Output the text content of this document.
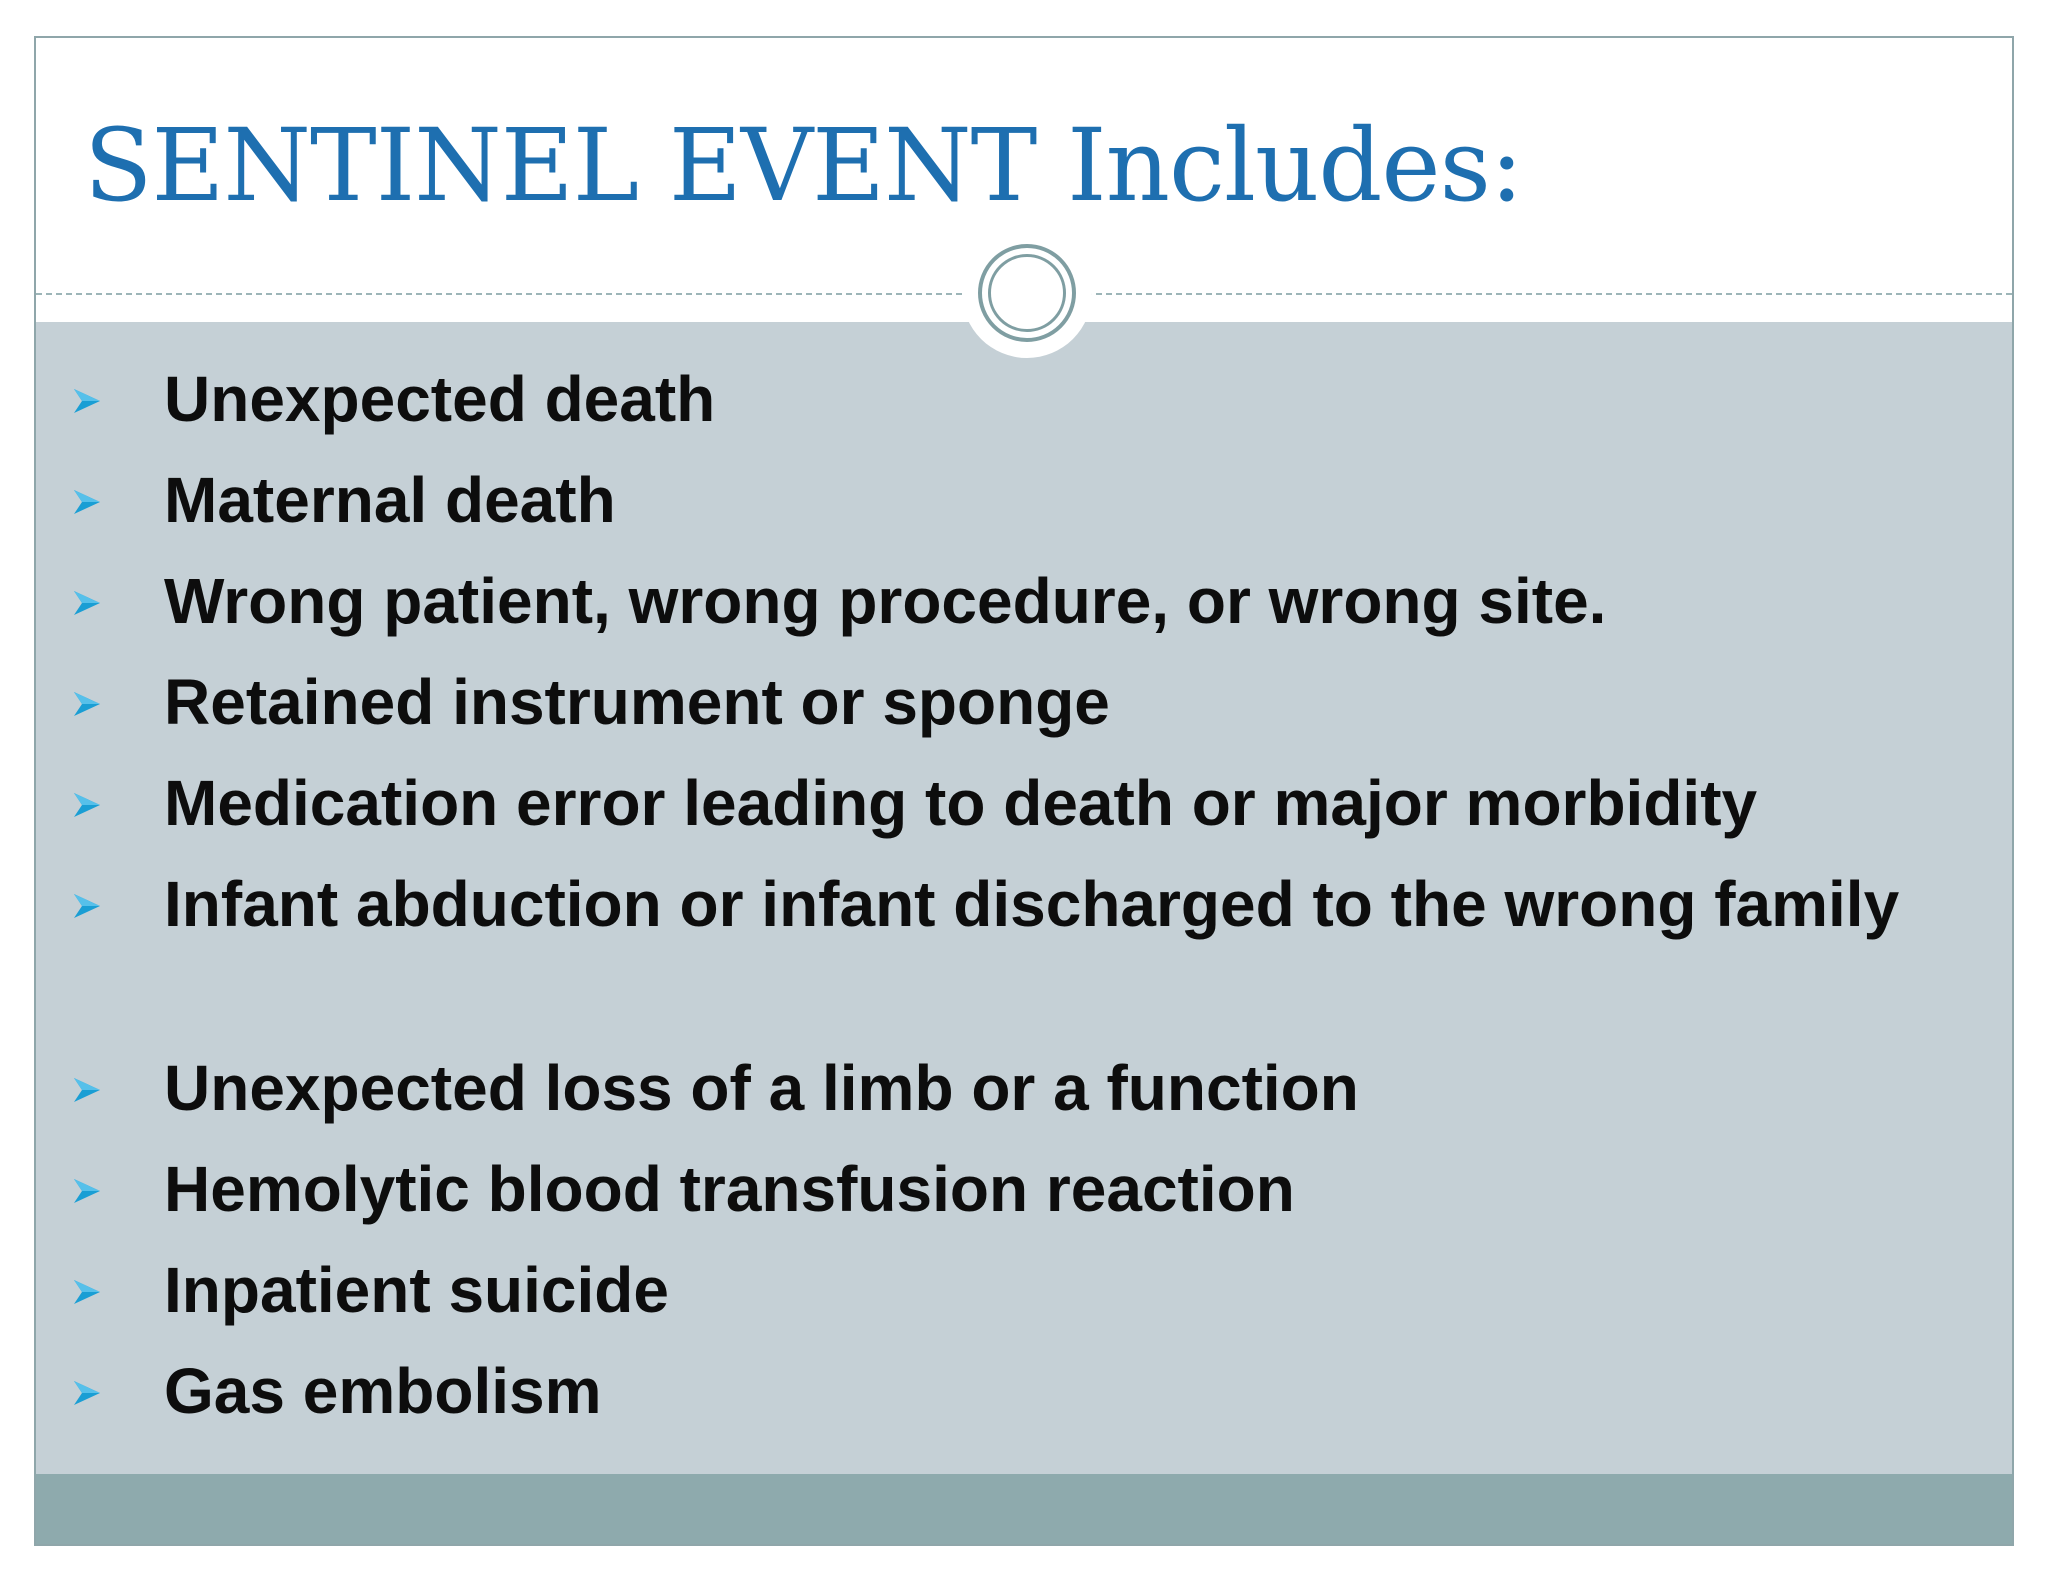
SENTINEL EVENT Includes:
Unexpected death
Maternal death
Wrong patient, wrong procedure, or wrong site.
Retained instrument or sponge
Medication error leading to death or major morbidity
Infant abduction or infant discharged to the wrong family
Unexpected loss of a limb or a function
Hemolytic blood transfusion reaction
Inpatient suicide
Gas embolism
